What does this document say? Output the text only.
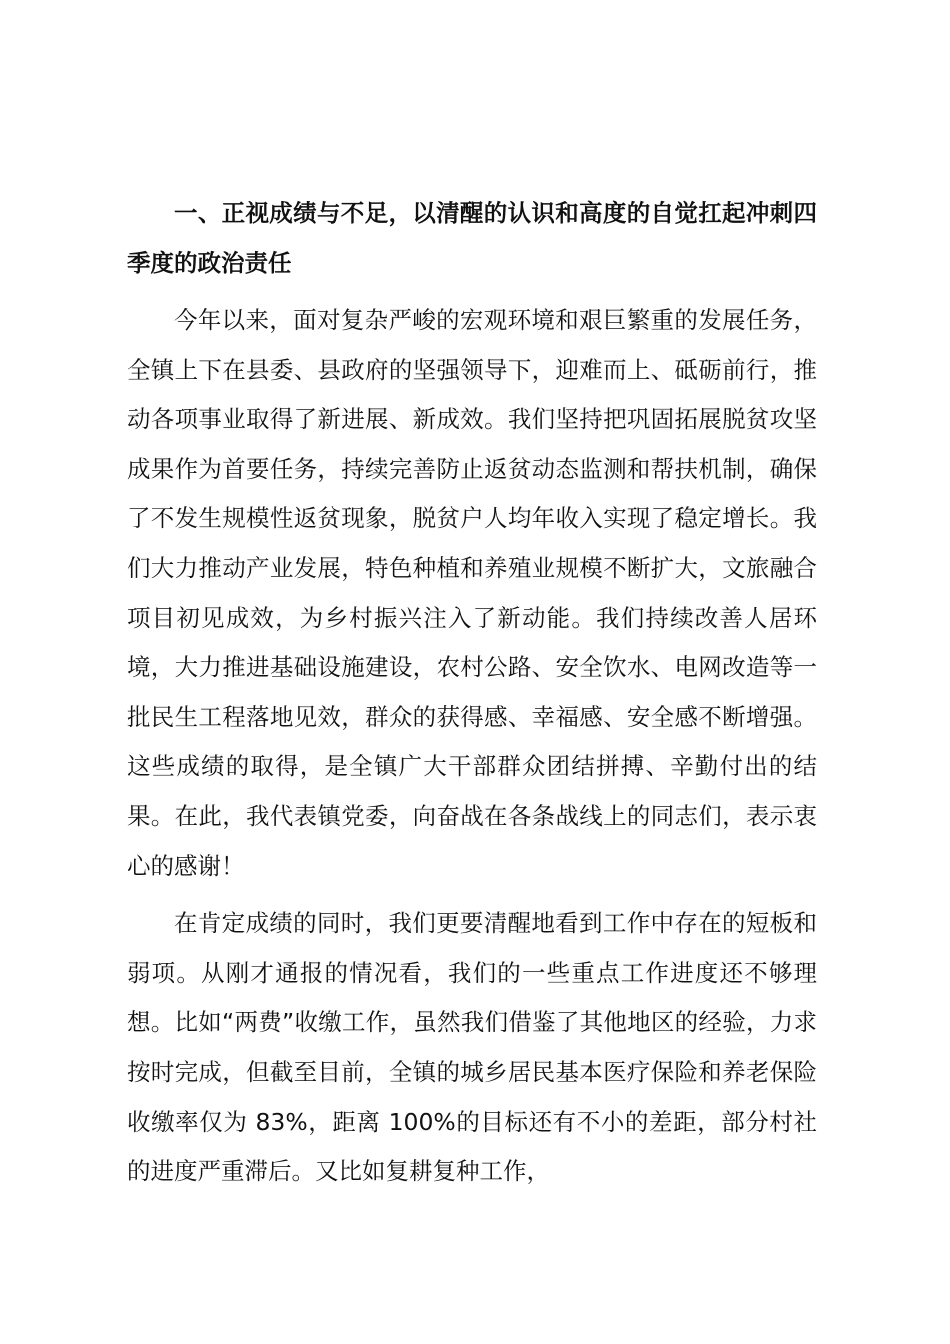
一、正视成绩与不足，以清醒的认识和高度的自觉扛起冲刺四季度的政治责任

今年以来，面对复杂严峻的宏观环境和艰巨繁重的发展任务，全镇上下在县委、县政府的坚强领导下，迎难而上、砥砺前行，推动各项事业取得了新进展、新成效。我们坚持把巩固拓展脱贫攻坚成果作为首要任务，持续完善防止返贫动态监测和帮扶机制，确保了不发生规模性返贫现象，脱贫户人均年收入实现了稳定增长。我们大力推动产业发展，特色种植和养殖业规模不断扩大，文旅融合项目初见成效，为乡村振兴注入了新动能。我们持续改善人居环境，大力推进基础设施建设，农村公路、安全饮水、电网改造等一批民生工程落地见效，群众的获得感、幸福感、安全感不断增强。这些成绩的取得，是全镇广大干部群众团结拼搏、辛勤付出的结果。在此，我代表镇党委，向奋战在各条战线上的同志们，表示衷心的感谢！

在肯定成绩的同时，我们更要清醒地看到工作中存在的短板和弱项。从刚才通报的情况看，我们的一些重点工作进度还不够理想。比如“两费”收缴工作，虽然我们借鉴了其他地区的经验，力求按时完成，但截至目前，全镇的城乡居民基本医疗保险和养老保险收缴率仅为 83%，距离 100%的目标还有不小的差距，部分村社的进度严重滞后。又比如复耕复种工作，
